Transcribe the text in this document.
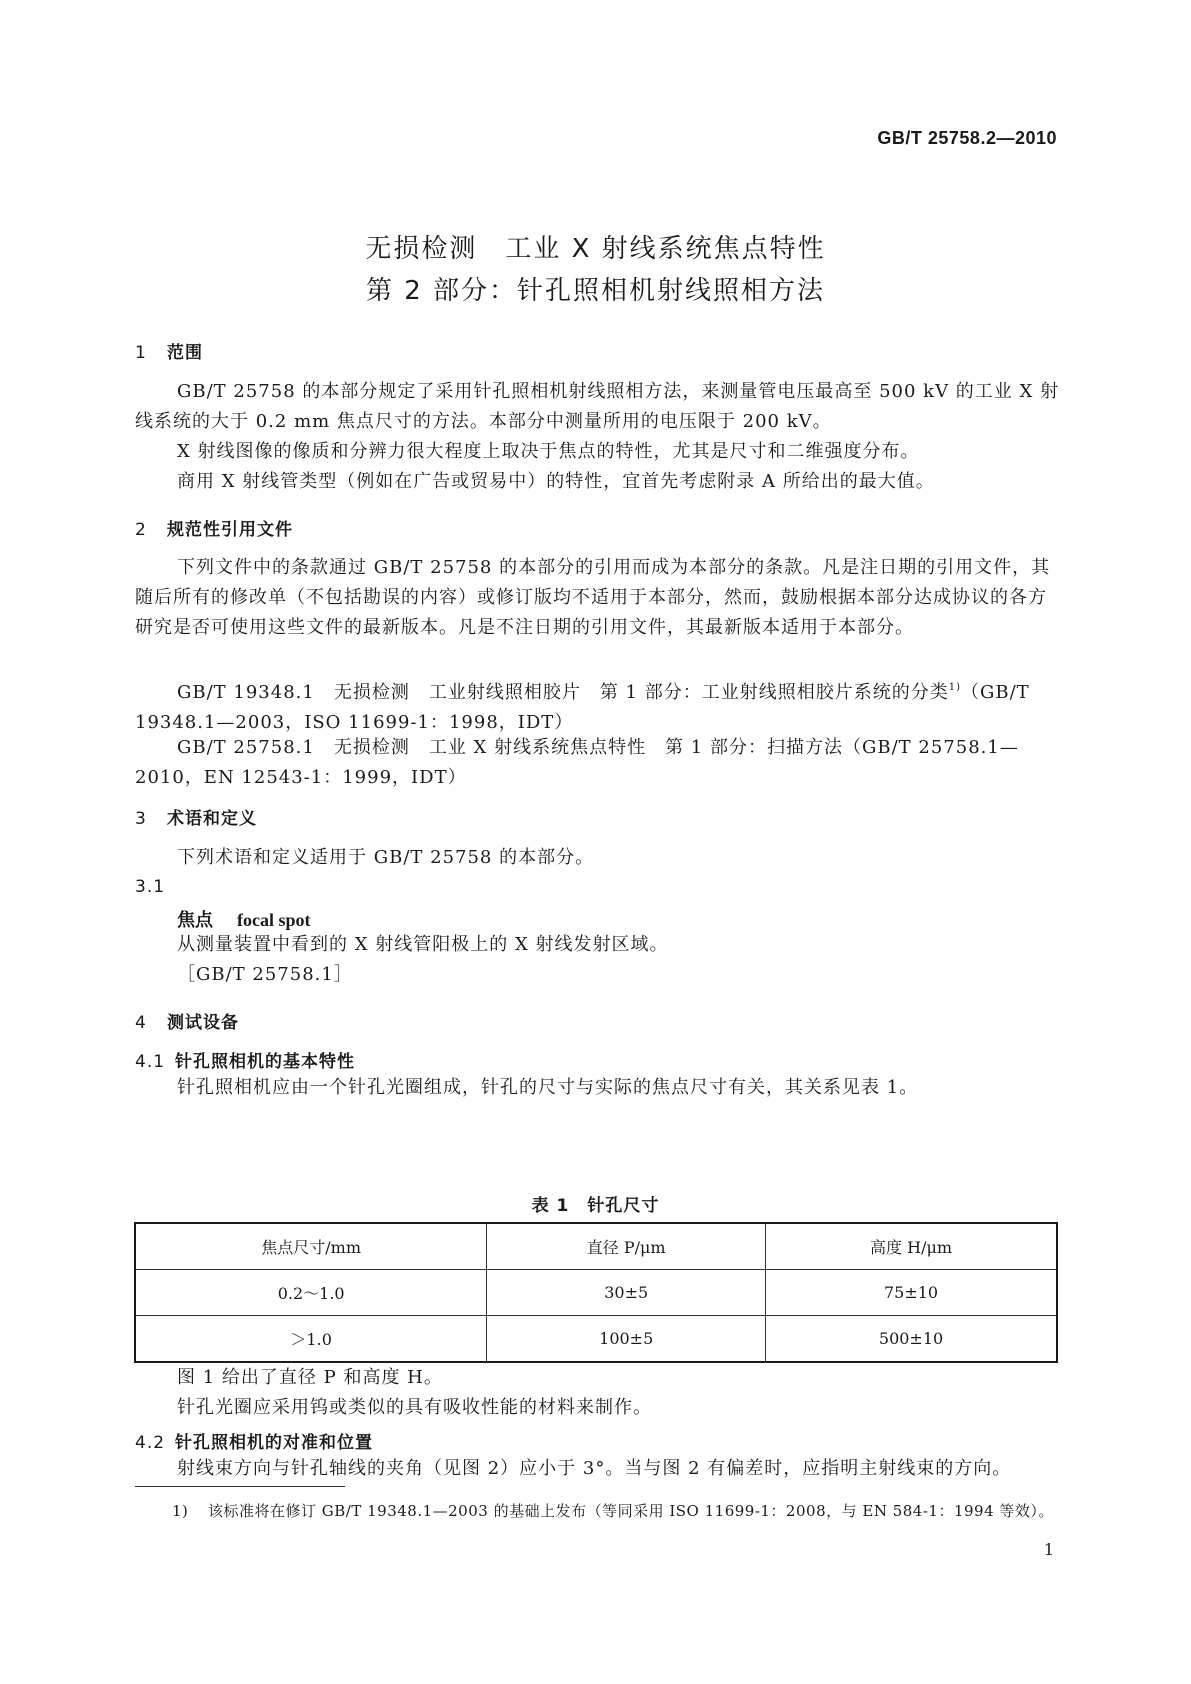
GB/T 25758.2—2010
无损检测　工业 X 射线系统焦点特性
第 2 部分：针孔照相机射线照相方法
1 范围
GB/T 25758 的本部分规定了采用针孔照相机射线照相方法，来测量管电压最高至 500 kV 的工业 X 射线系统的大于 0.2 mm 焦点尺寸的方法。本部分中测量所用的电压限于 200 kV。
X 射线图像的像质和分辨力很大程度上取决于焦点的特性，尤其是尺寸和二维强度分布。
商用 X 射线管类型（例如在广告或贸易中）的特性，宜首先考虑附录 A 所给出的最大值。
2 规范性引用文件
下列文件中的条款通过 GB/T 25758 的本部分的引用而成为本部分的条款。凡是注日期的引用文件，其随后所有的修改单（不包括勘误的内容）或修订版均不适用于本部分，然而，鼓励根据本部分达成协议的各方研究是否可使用这些文件的最新版本。凡是不注日期的引用文件，其最新版本适用于本部分。
GB/T 19348.1　无损检测　工业射线照相胶片　第 1 部分：工业射线照相胶片系统的分类$^{1)}$（GB/T 19348.1—2003，ISO 11699-1：1998，IDT）
GB/T 25758.1　无损检测　工业 X 射线系统焦点特性　第 1 部分：扫描方法（GB/T 25758.1—2010，EN 12543-1：1999，IDT）
3 术语和定义
下列术语和定义适用于 GB/T 25758 的本部分。
3.1
焦点 focal spot
从测量装置中看到的 X 射线管阳极上的 X 射线发射区域。
［GB/T 25758.1］
4 测试设备
4.1 针孔照相机的基本特性
针孔照相机应由一个针孔光圈组成，针孔的尺寸与实际的焦点尺寸有关，其关系见表 1。
表 1 针孔尺寸
焦点尺寸/mm	直径 P/μm	高度 H/μm
0.2～1.0	30±5	75±10
＞1.0	100±5	500±10
图 1 给出了直径 P 和高度 H。
针孔光圈应采用钨或类似的具有吸收性能的材料来制作。
4.2 针孔照相机的对准和位置
射线束方向与针孔轴线的夹角（见图 2）应小于 3°。当与图 2 有偏差时，应指明主射线束的方向。
1) 该标准将在修订 GB/T 19348.1—2003 的基础上发布（等同采用 ISO 11699-1：2008，与 EN 584-1：1994 等效）。
1
